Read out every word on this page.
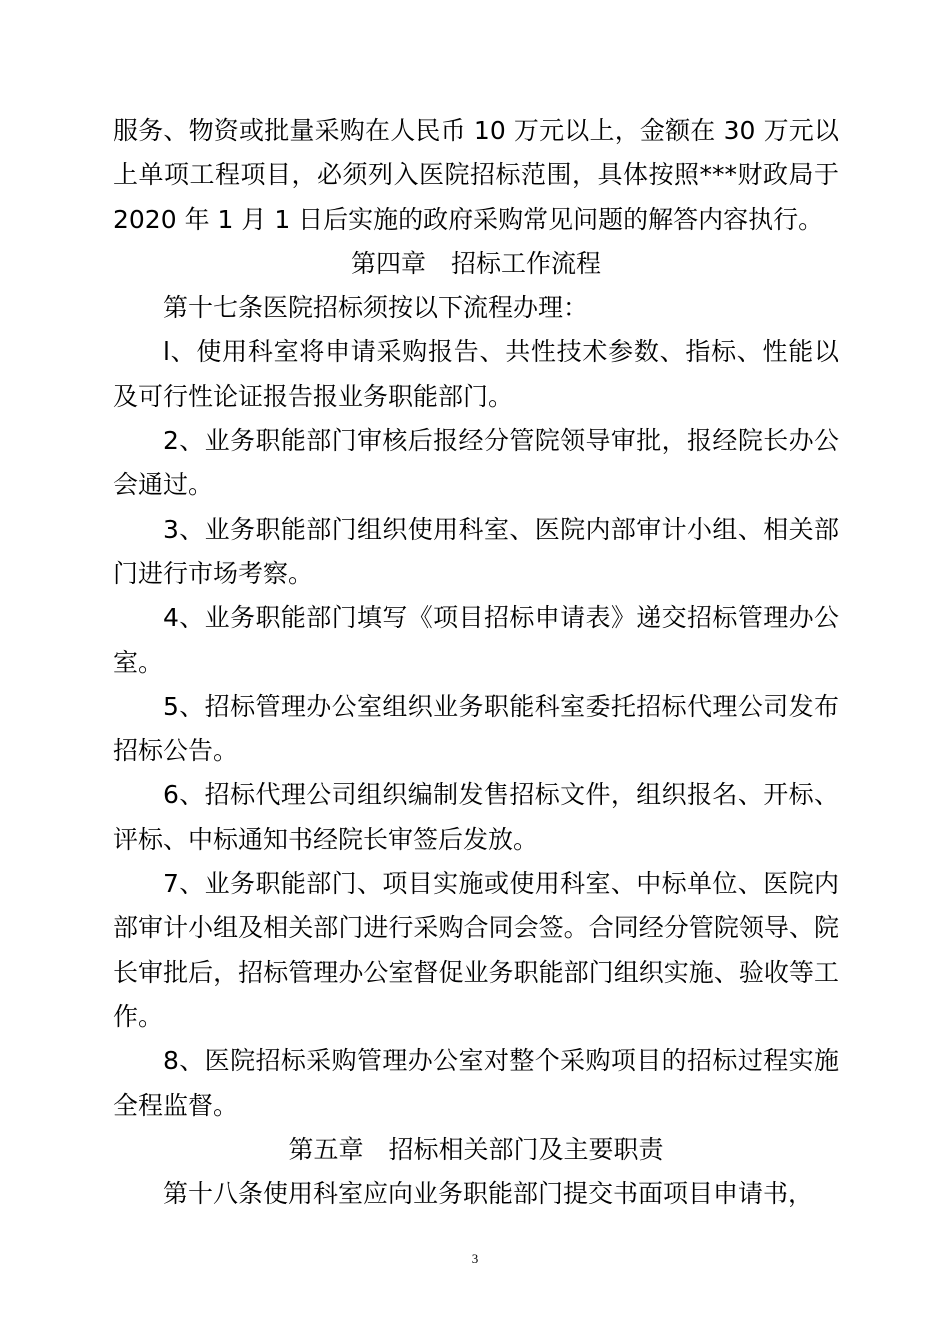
服务、物资或批量采购在人民币 10 万元以上，金额在 30 万元以上单项工程项目，必须列入医院招标范围，具体按照***财政局于 2020 年 1 月 1 日后实施的政府采购常见问题的解答内容执行。

第四章　招标工作流程

第十七条医院招标须按以下流程办理：

l、使用科室将申请采购报告、共性技术参数、指标、性能以及可行性论证报告报业务职能部门。

2、业务职能部门审核后报经分管院领导审批，报经院长办公会通过。

3、业务职能部门组织使用科室、医院内部审计小组、相关部门进行市场考察。

4、业务职能部门填写《项目招标申请表》递交招标管理办公室。

5、招标管理办公室组织业务职能科室委托招标代理公司发布招标公告。

6、招标代理公司组织编制发售招标文件，组织报名、开标、评标、中标通知书经院长审签后发放。

7、业务职能部门、项目实施或使用科室、中标单位、医院内部审计小组及相关部门进行采购合同会签。合同经分管院领导、院长审批后，招标管理办公室督促业务职能部门组织实施、验收等工作。

8、医院招标采购管理办公室对整个采购项目的招标过程实施全程监督。

第五章　招标相关部门及主要职责

第十八条使用科室应向业务职能部门提交书面项目申请书，

3
